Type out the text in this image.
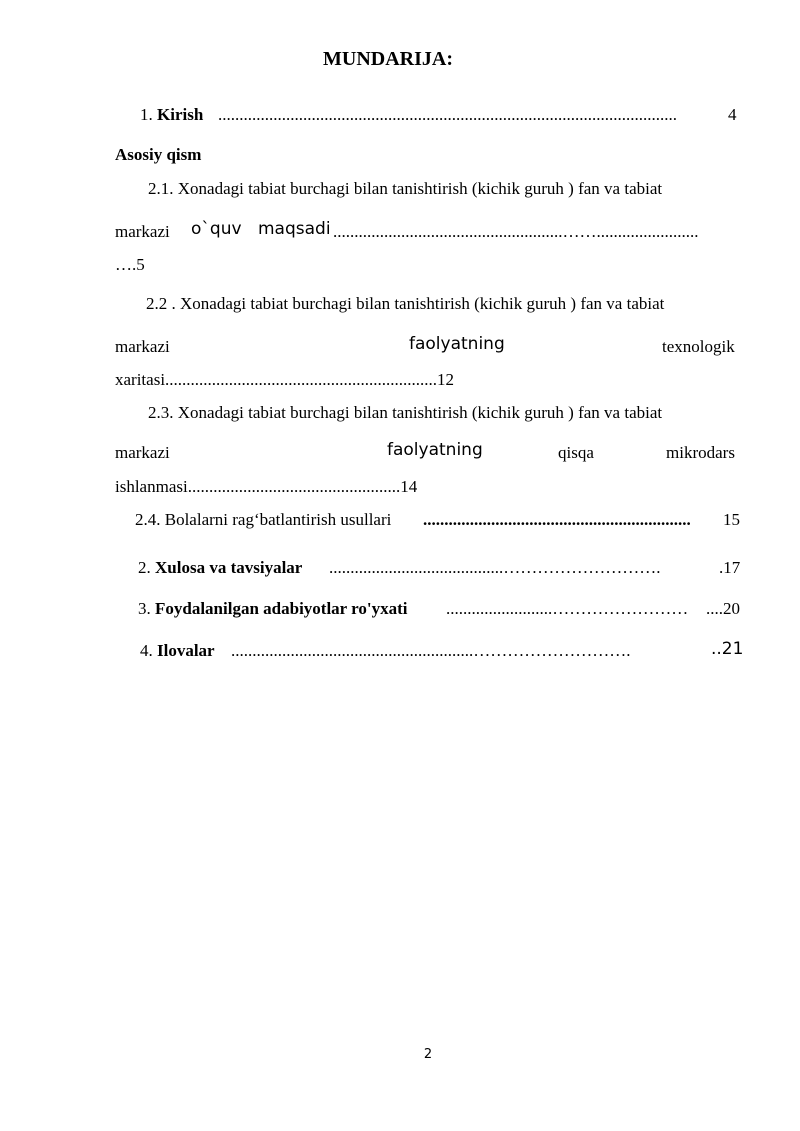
MUNDARIJA:
1. Kirish ............................................................................................................	4
Asosiy qism
2.1. Xonadagi tabiat burchagi bilan tanishtirish (kichik guruh ) fan va tabiat
markazi o`quv maqsadi ......................................................……........................
….5
2.2 . Xonadagi tabiat burchagi bilan tanishtirish (kichik guruh ) fan va tabiat
markazi	faolyatning	texnologik
xaritasi................................................................12
2.3. Xonadagi tabiat burchagi bilan tanishtirish (kichik guruh ) fan va tabiat
markazi	faolyatning	qisqa	mikrodars
ishlanmasi..................................................14
2.4. Bolalarni rag‘batlantirish usullari ...............................................................	15
2. Xulosa va tavsiyalar .........................................……………………….	.17
3. Foydalanilgan adabiyotlar ro'yxati .........................……………………	....20
4. Ilovalar .........................................................……………………….	..21
2
